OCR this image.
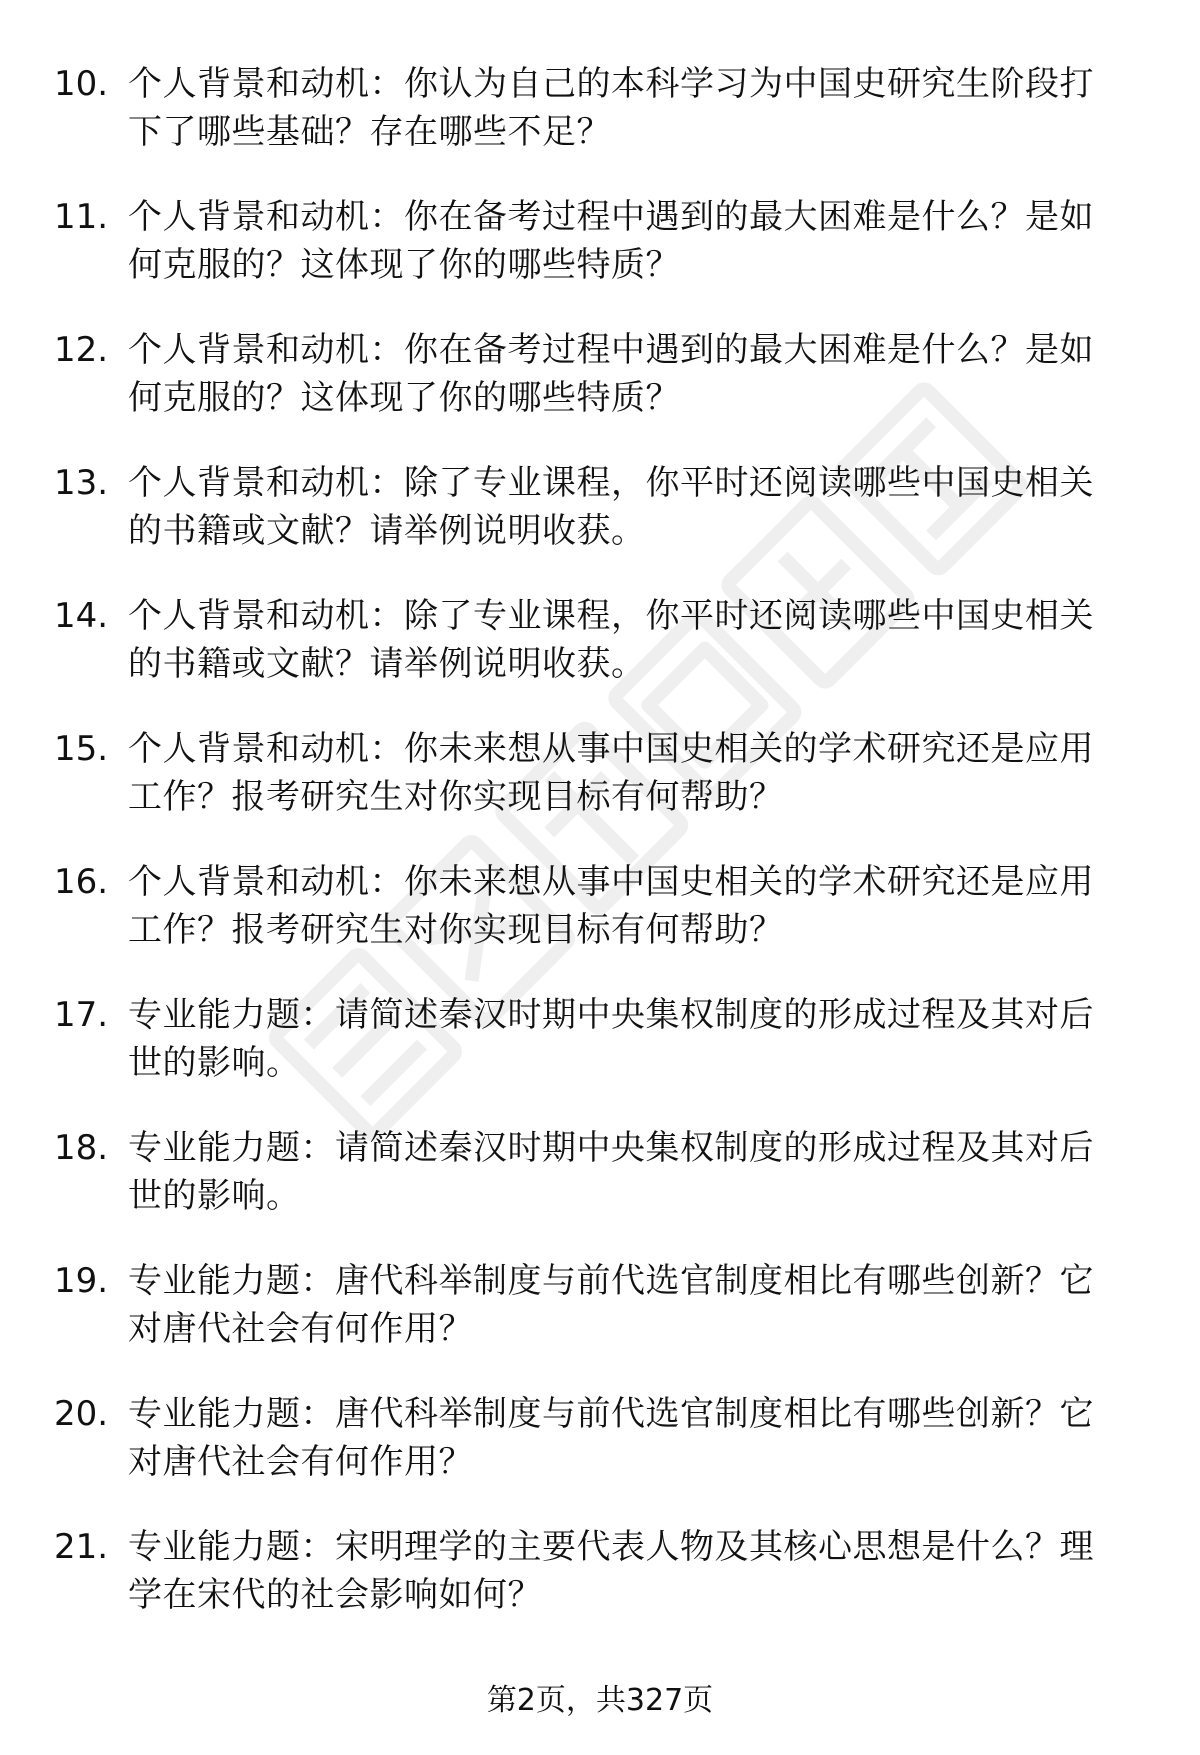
10. 个人背景和动机：你认为自己的本科学习为中国史研究生阶段打
下了哪些基础？存在哪些不足？
11. 个人背景和动机：你在备考过程中遇到的最大困难是什么？是如
何克服的？这体现了你的哪些特质？
12. 个人背景和动机：你在备考过程中遇到的最大困难是什么？是如
何克服的？这体现了你的哪些特质？
13. 个人背景和动机：除了专业课程，你平时还阅读哪些中国史相关
的书籍或文献？请举例说明收获。
14. 个人背景和动机：除了专业课程，你平时还阅读哪些中国史相关
的书籍或文献？请举例说明收获。
15. 个人背景和动机：你未来想从事中国史相关的学术研究还是应用
工作？报考研究生对你实现目标有何帮助？
16. 个人背景和动机：你未来想从事中国史相关的学术研究还是应用
工作？报考研究生对你实现目标有何帮助？
17. 专业能力题：请简述秦汉时期中央集权制度的形成过程及其对后
世的影响。
18. 专业能力题：请简述秦汉时期中央集权制度的形成过程及其对后
世的影响。
19. 专业能力题：唐代科举制度与前代选官制度相比有哪些创新？它
对唐代社会有何作用？
20. 专业能力题：唐代科举制度与前代选官制度相比有哪些创新？它
对唐代社会有何作用？
21. 专业能力题：宋明理学的主要代表人物及其核心思想是什么？理
学在宋代的社会影响如何？
第2页，共327页
